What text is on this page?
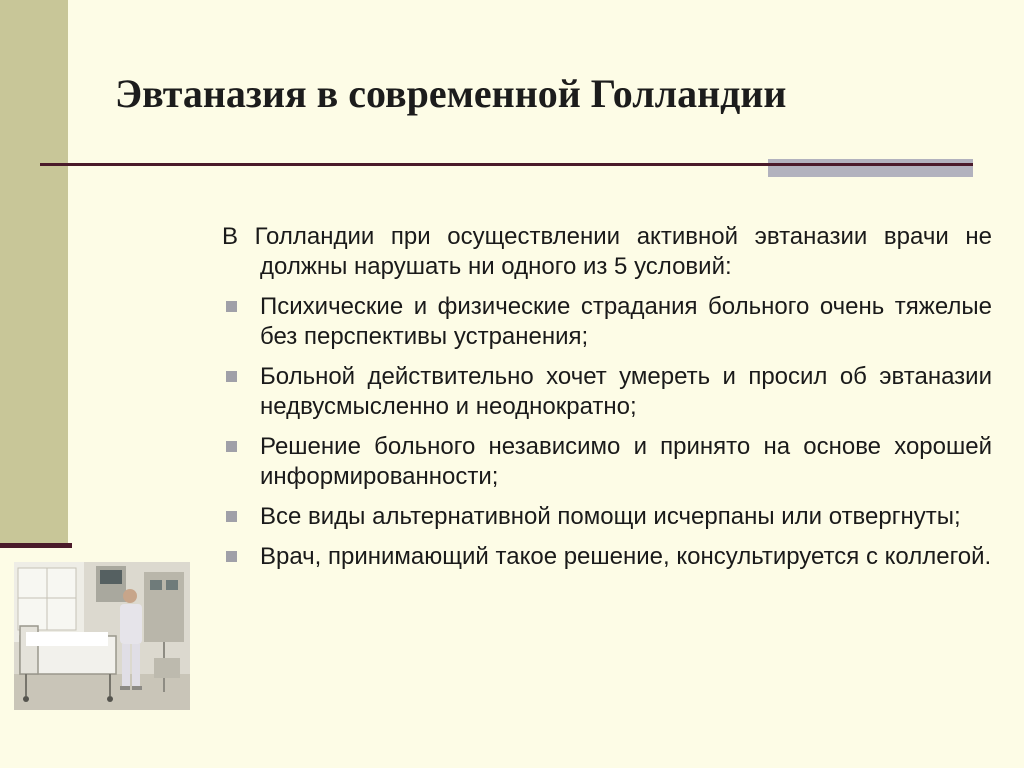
Эвтаназия в современной Голландии

В Голландии при осуществлении активной эвтаназии врачи не должны нарушать ни одного из 5 условий:

Психические и физические страдания больного очень тяжелые без перспективы устранения;
Больной действительно хочет умереть и просил об эвтаназии недвусмысленно и неоднократно;
Решение больного независимо и принято на основе хорошей информированности;
Все виды альтернативной помощи исчерпаны или отвергнуты;
Врач, принимающий такое решение, консультируется с коллегой.
